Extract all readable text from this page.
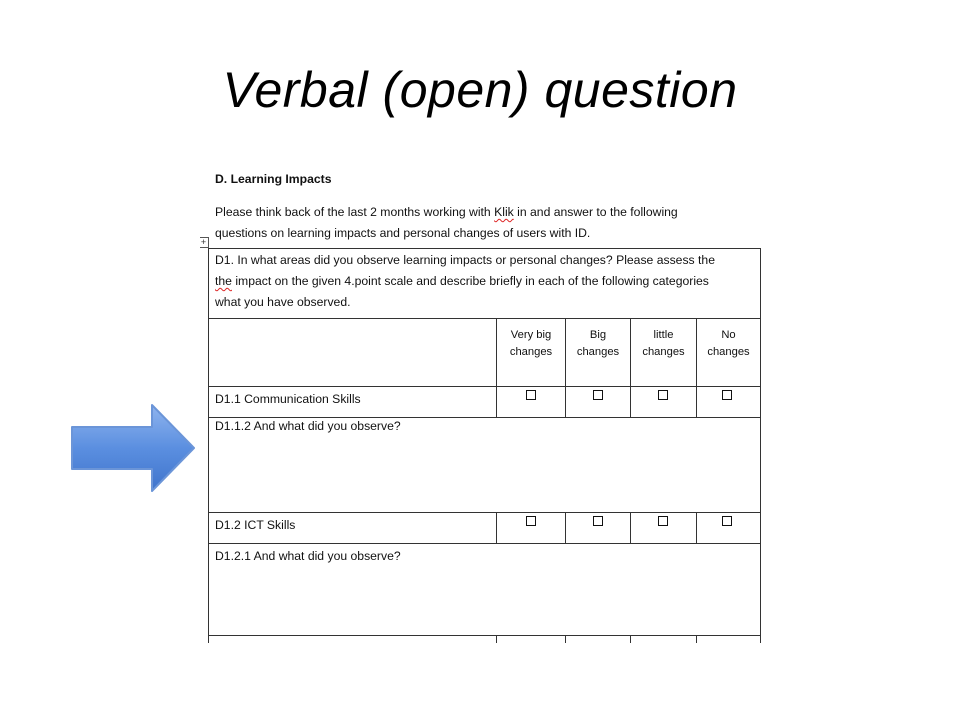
Verbal (open) question
D. Learning Impacts
Please think back of the last 2 months working with Klik in and answer to the following
questions on learning impacts and personal changes of users with ID.
+
D1. In what areas did you observe learning impacts or personal changes? Please assess the
the impact on the given 4.point scale and describe briefly in each of the following categories
what you have observed.
Very big
changes
Big
changes
little
changes
No
changes
D1.1 Communication Skills
D1.1.2 And what did you observe?
D1.2 ICT Skills
D1.2.1 And what did you observe?
